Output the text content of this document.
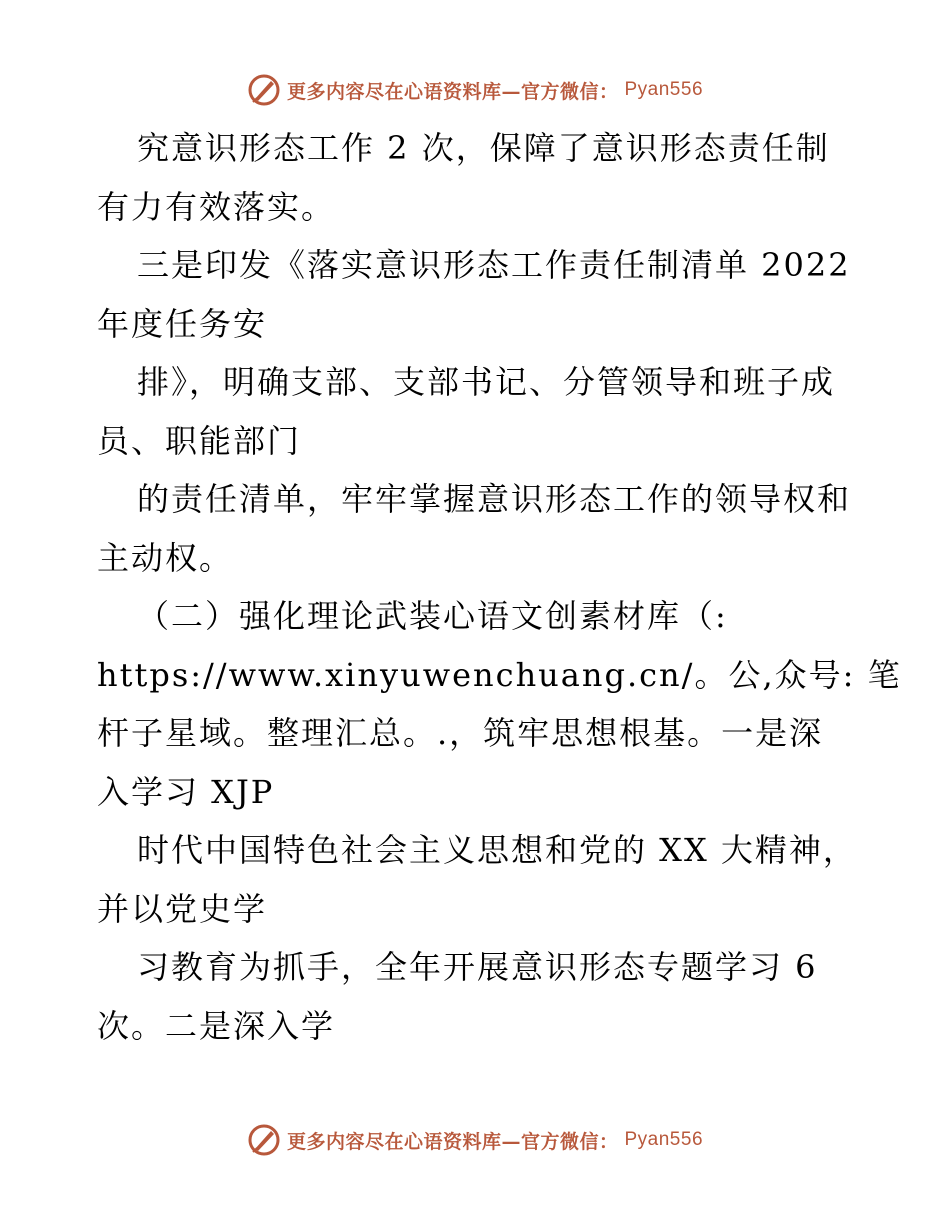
更多内容尽在心语资料库—官方微信： Pyan556
究意识形态工作 2 次，保障了意识形态责任制
有力有效落实。
三是印发《落实意识形态工作责任制清单 2022
年度任务安
排》，明确支部、支部书记、分管领导和班子成
员、职能部门
的责任清单，牢牢掌握意识形态工作的领导权和
主动权。
（二）强化理论武装心语文创素材库（:
https://www.xinyuwenchuang.cn/。公,众号: 笔
杆子星域。整理汇总。.，筑牢思想根基。一是深
入学习 XJP
时代中国特色社会主义思想和党的 XX 大精神，
并以党史学
习教育为抓手，全年开展意识形态专题学习 6
次。二是深入学
更多内容尽在心语资料库—官方微信： Pyan556
